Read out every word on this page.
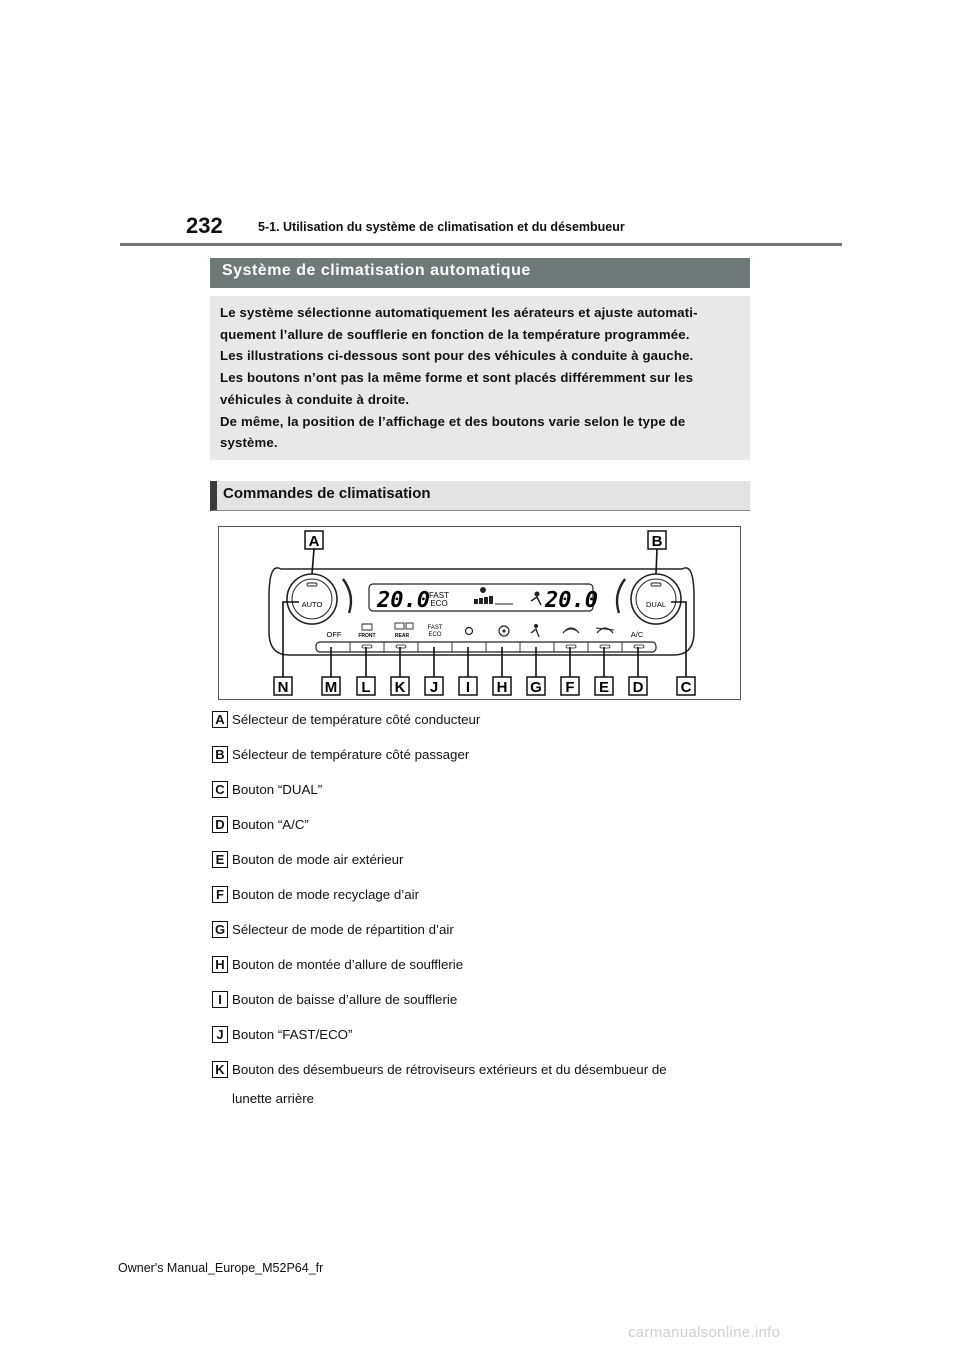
232	5-1. Utilisation du système de climatisation et du désembueur
Système de climatisation automatique

Le système sélectionne automatiquement les aérateurs et ajuste automati-

quement l’allure de soufflerie en fonction de la température programmée.

Les illustrations ci-dessous sont pour des véhicules à conduite à gauche.

Les boutons n’ont pas la même forme et sont placés différemment sur les

véhicules à conduite à droite.

De même, la position de l’affichage et des boutons varie selon le type de

système.

Commandes de climatisation
AUTO	DUAL
20.0 FAST
ECO	20.0
OFF	FRONT	REAR
FAST
ECO	A/C
A	B
N M L K J I H G F E D C
A Sélecteur de température côté conducteur
B Sélecteur de température côté passager
C Bouton “DUAL”
D Bouton “A/C”
E Bouton de mode air extérieur
F Bouton de mode recyclage d’air
G Sélecteur de mode de répartition d’air
H Bouton de montée d’allure de soufflerie
I Bouton de baisse d’allure de soufflerie
J Bouton “FAST/ECO”
K Bouton des désembueurs de rétroviseurs extérieurs et du désembueur de
lunette arrière
Owner's Manual_Europe_M52P64_fr
carmanualsonline.info
